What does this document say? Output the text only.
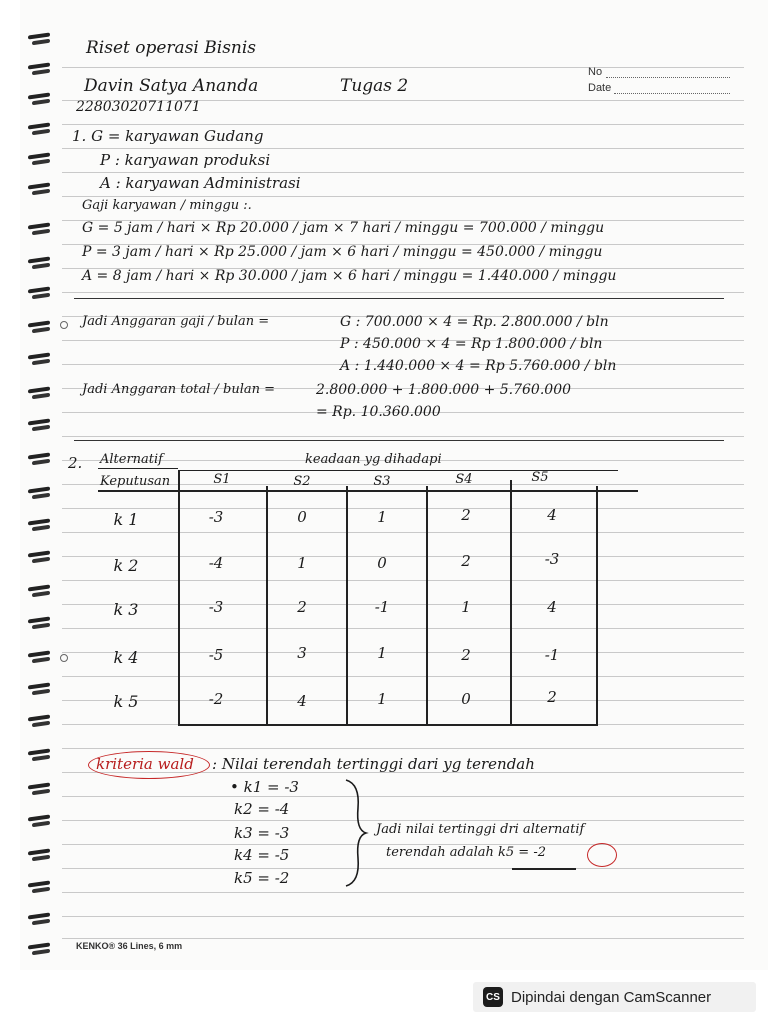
Riset operasi Bisnis
No
Date
Davin Satya Ananda	Tugas 2
22803020711071
1. G = karyawan Gudang
P : karyawan produksi
A : karyawan Administrasi
Gaji karyawan / minggu :.
G = 5 jam / hari × Rp 20.000 / jam × 7 hari / minggu = 700.000 / minggu
P = 3 jam / hari × Rp 25.000 / jam × 6 hari / minggu = 450.000 / minggu
A = 8 jam / hari × Rp 30.000 / jam × 6 hari / minggu = 1.440.000 / minggu
Jadi Anggaran gaji / bulan =	G : 700.000 × 4 = Rp. 2.800.000 / bln
P : 450.000 × 4 = Rp 1.800.000 / bln
A : 1.440.000 × 4 = Rp 5.760.000 / bln
Jadi Anggaran total / bulan =	2.800.000 + 1.800.000 + 5.760.000
= Rp. 10.360.000
2. Alternatif
Keputusan
keadaan yg dihadapi
S1	S2	S3	S4	S5
k 1	-3	0	1	2	4
k 2	-4	1	0	2	-3
k 3	-3	2	-1	1	4
k 4	-5	3	1	2	-1
k 5	-2	4	1	0	2
kriteria wald : Nilai terendah tertinggi dari yg terendah
• k1 = -3
k2 = -4
k3 = -3
k4 = -5
k5 = -2
Jadi nilai tertinggi dri alternatif
terendah adalah k5 = -2
KENKO® 36 Lines, 6 mm
CS Dipindai dengan CamScanner
